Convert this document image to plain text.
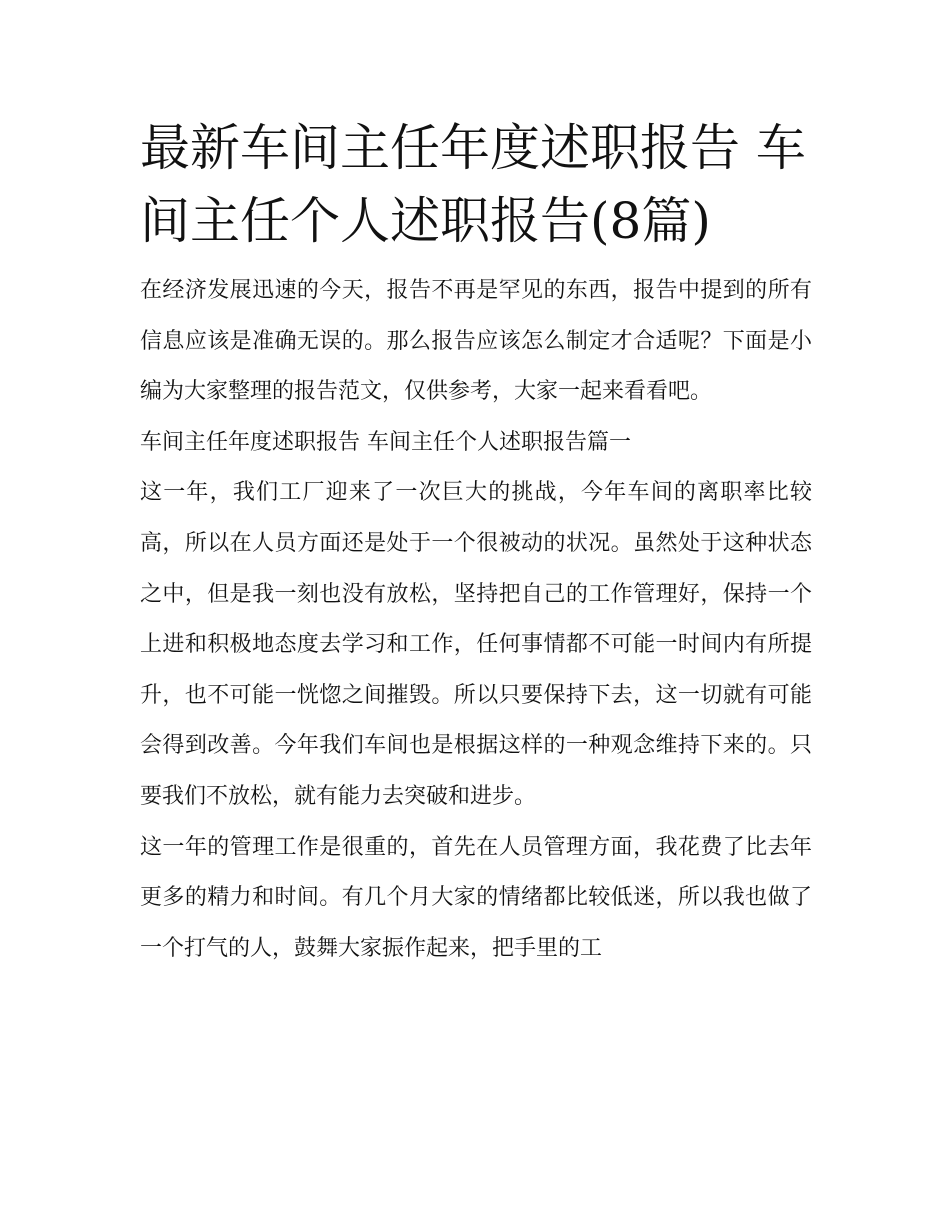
最新车间主任年度述职报告 车间主任个人述职报告(8篇)

在经济发展迅速的今天，报告不再是罕见的东西，报告中提到的所有信息应该是准确无误的。那么报告应该怎么制定才合适呢？下面是小编为大家整理的报告范文，仅供参考，大家一起来看看吧。

车间主任年度述职报告 车间主任个人述职报告篇一

这一年，我们工厂迎来了一次巨大的挑战，今年车间的离职率比较高，所以在人员方面还是处于一个很被动的状况。虽然处于这种状态之中，但是我一刻也没有放松，坚持把自己的工作管理好，保持一个上进和积极地态度去学习和工作，任何事情都不可能一时间内有所提升，也不可能一恍惚之间摧毁。所以只要保持下去，这一切就有可能会得到改善。今年我们车间也是根据这样的一种观念维持下来的。只要我们不放松，就有能力去突破和进步。

这一年的管理工作是很重的，首先在人员管理方面，我花费了比去年更多的精力和时间。有几个月大家的情绪都比较低迷，所以我也做了一个打气的人，鼓舞大家振作起来，把手里的工
